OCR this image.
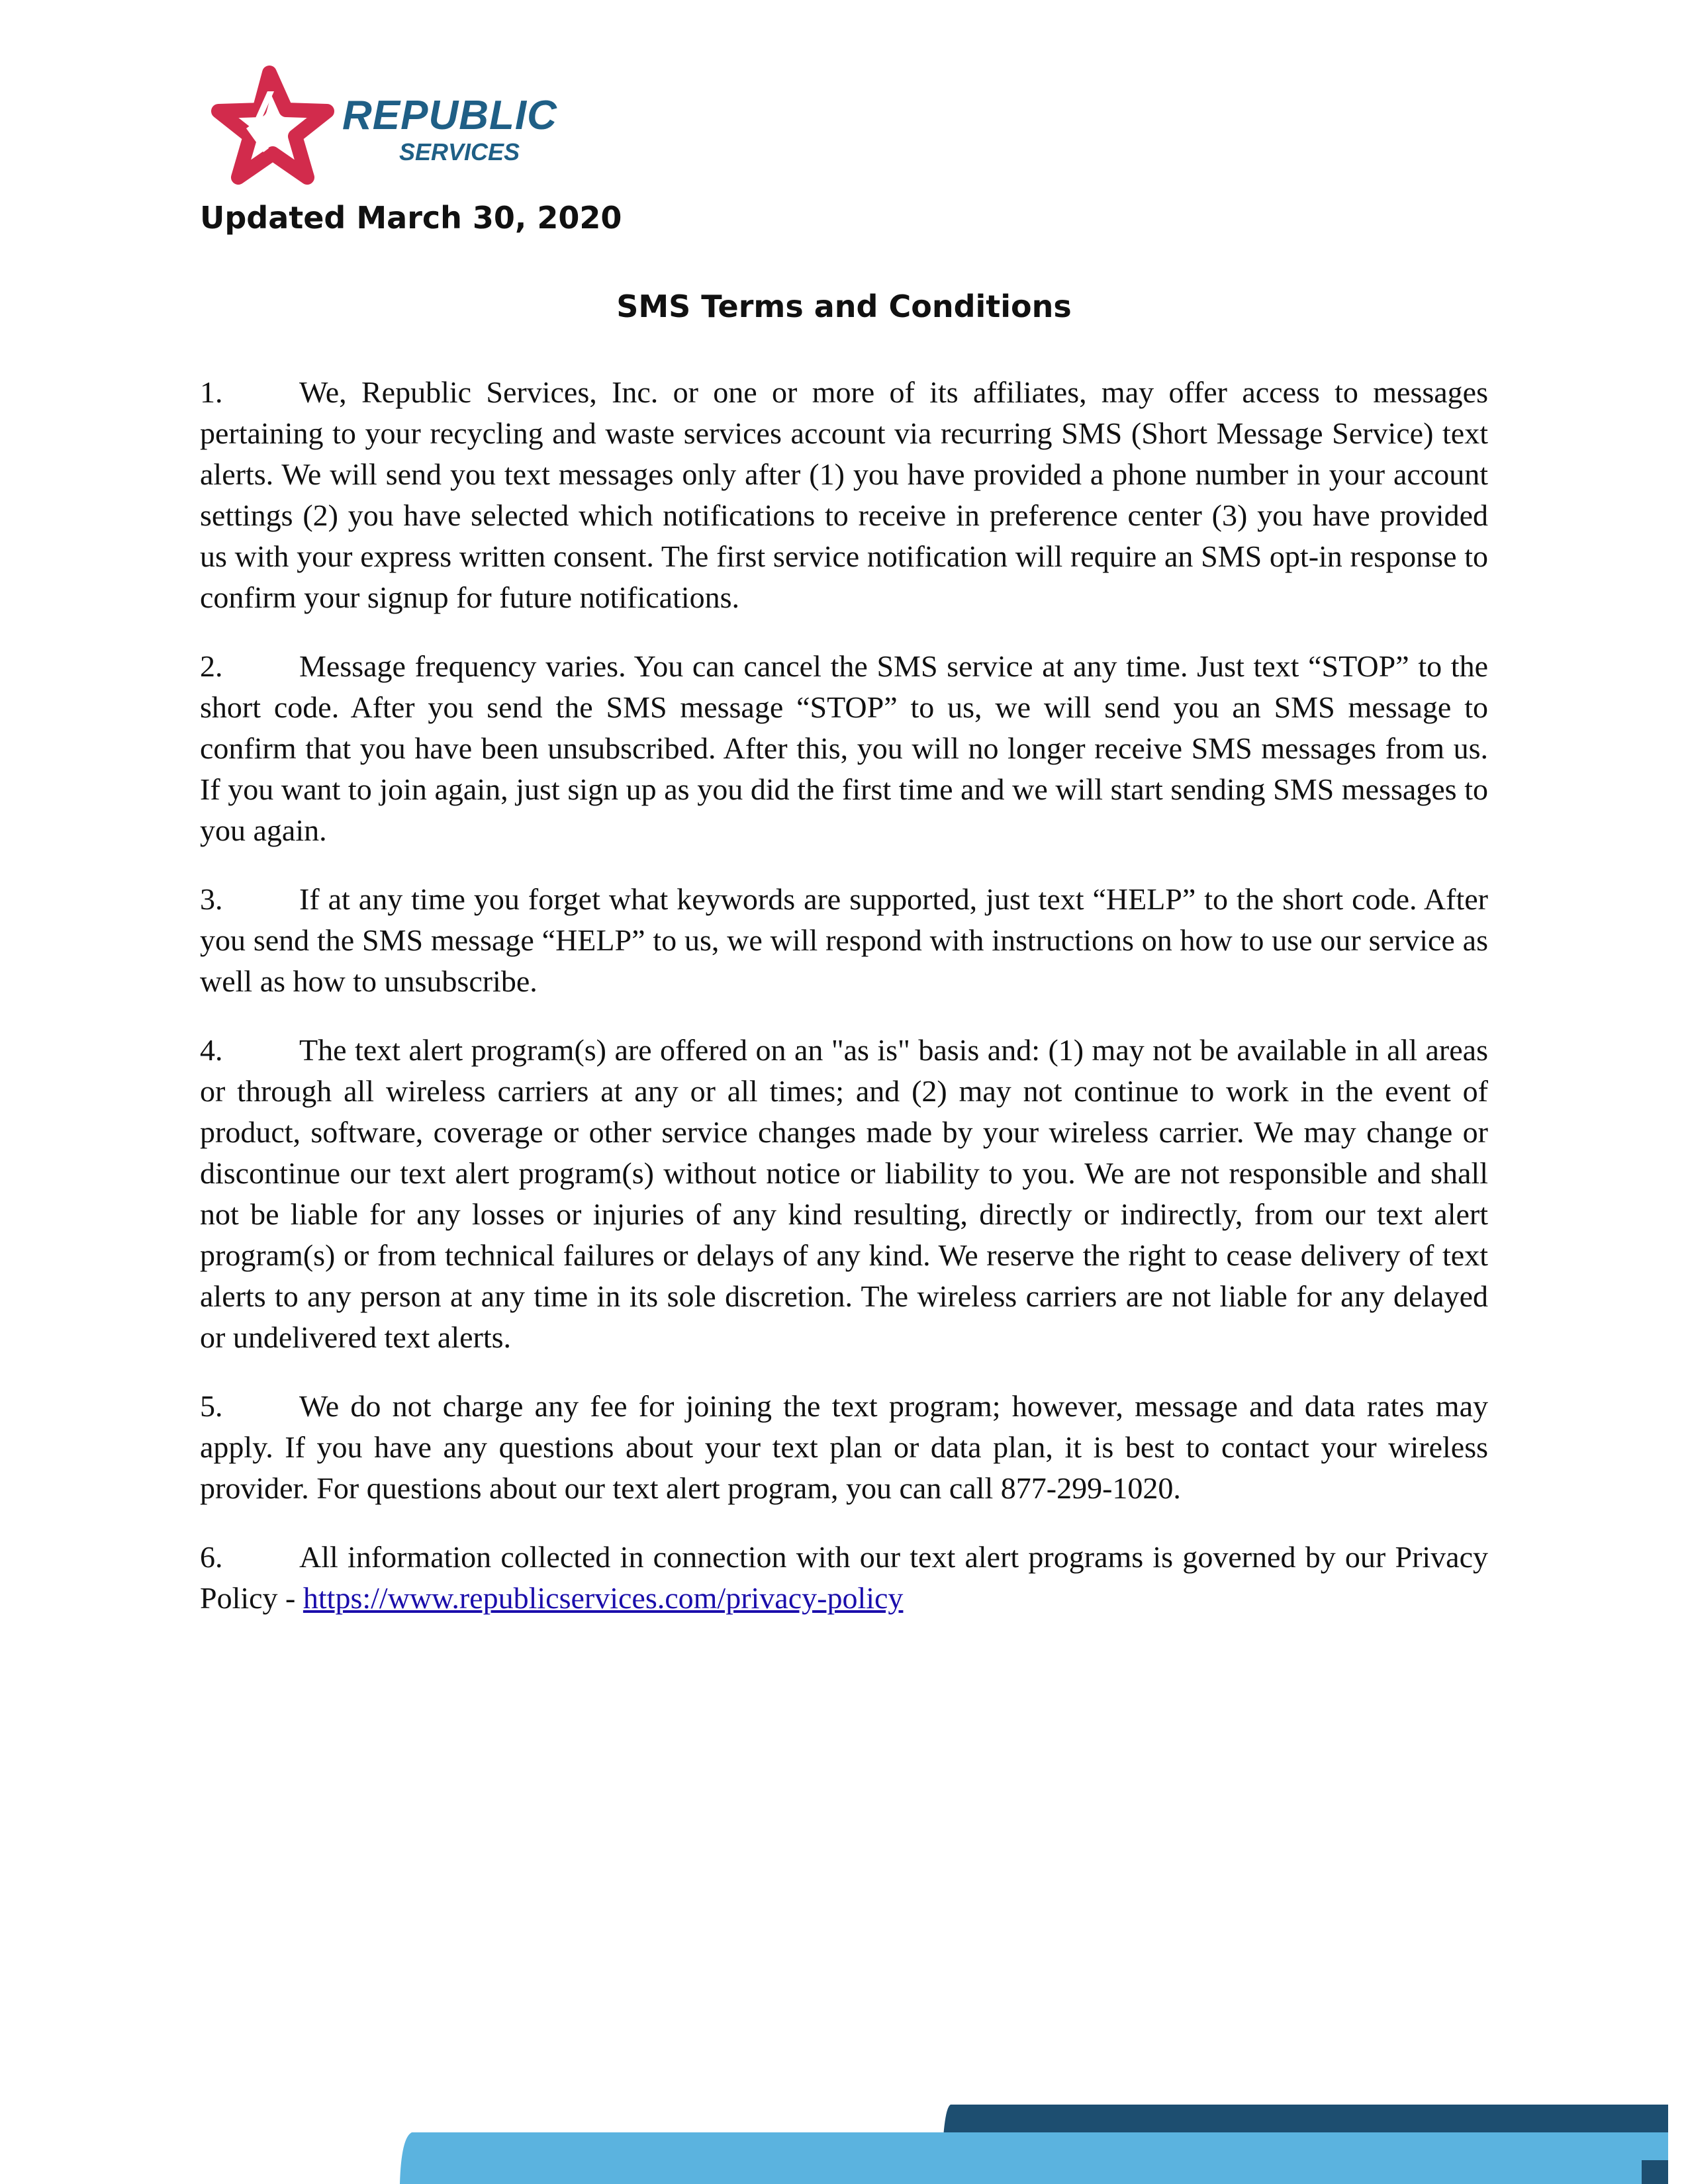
REPUBLIC
SERVICES
Updated March 30, 2020
SMS Terms and Conditions

1.	We, Republic Services, Inc. or one or more of its affiliates, may offer access to messages pertaining to your recycling and waste services account via recurring SMS (Short Message Service) text alerts. We will send you text messages only after (1) you have provided a phone number in your account settings (2) you have selected which notifications to receive in preference center (3) you have provided us with your express written consent. The first service notification will require an SMS opt-in response to confirm your signup for future notifications.

2.	Message frequency varies. You can cancel the SMS service at any time. Just text “STOP” to the short code. After you send the SMS message “STOP” to us, we will send you an SMS message to confirm that you have been unsubscribed. After this, you will no longer receive SMS messages from us. If you want to join again, just sign up as you did the first time and we will start sending SMS messages to you again.

3.	If at any time you forget what keywords are supported, just text “HELP” to the short code. After you send the SMS message “HELP” to us, we will respond with instructions on how to use our service as well as how to unsubscribe.

4.	The text alert program(s) are offered on an "as is" basis and: (1) may not be available in all areas or through all wireless carriers at any or all times; and (2) may not continue to work in the event of product, software, coverage or other service changes made by your wireless carrier. We may change or discontinue our text alert program(s) without notice or liability to you. We are not responsible and shall not be liable for any losses or injuries of any kind resulting, directly or indirectly, from our text alert program(s) or from technical failures or delays of any kind. We reserve the right to cease delivery of text alerts to any person at any time in its sole discretion. The wireless carriers are not liable for any delayed or undelivered text alerts.

5.	We do not charge any fee for joining the text program; however, message and data rates may apply. If you have any questions about your text plan or data plan, it is best to contact your wireless provider. For questions about our text alert program, you can call 877-299-1020.

6.	All information collected in connection with our text alert programs is governed by our Privacy Policy - https://www.republicservices.com/privacy-policy
